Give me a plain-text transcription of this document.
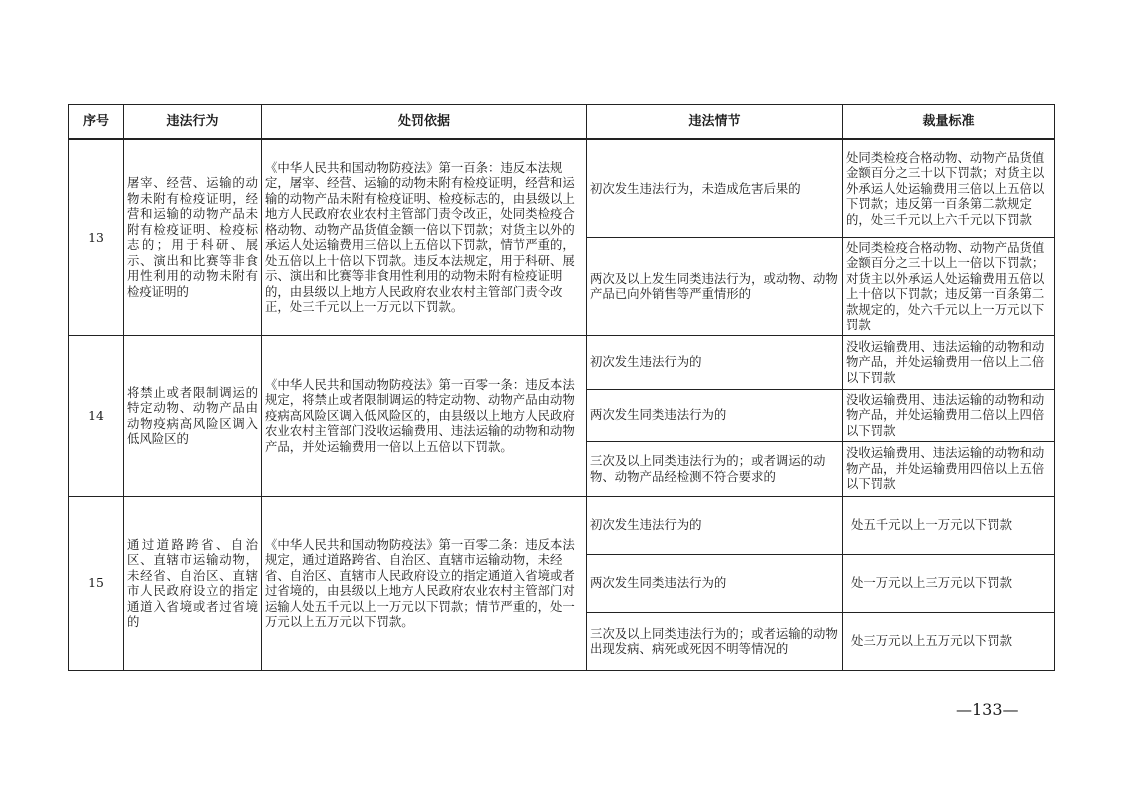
序号	违法行为	处罚依据	违法情节	裁量标准
13	屠宰、经营、运输的动物未附有检疫证明，经营和运输的动物产品未附有检疫证明、检疫标志的；用于科研、展示、演出和比赛等非食用性利用的动物未附有检疫证明的	《中华人民共和国动物防疫法》第一百条：违反本法规定，屠宰、经营、运输的动物未附有检疫证明，经营和运输的动物产品未附有检疫证明、检疫标志的，由县级以上地方人民政府农业农村主管部门责令改正，处同类检疫合格动物、动物产品货值金额一倍以下罚款；对货主以外的承运人处运输费用三倍以上五倍以下罚款，情节严重的，处五倍以上十倍以下罚款。违反本法规定，用于科研、展示、演出和比赛等非食用性利用的动物未附有检疫证明的，由县级以上地方人民政府农业农村主管部门责令改正，处三千元以上一万元以下罚款。	初次发生违法行为，未造成危害后果的	处同类检疫合格动物、动物产品货值金额百分之三十以下罚款；对货主以外承运人处运输费用三倍以上五倍以下罚款；违反第一百条第二款规定的，处三千元以上六千元以下罚款
			两次及以上发生同类违法行为，或动物、动物产品已向外销售等严重情形的	处同类检疫合格动物、动物产品货值金额百分之三十以上一倍以下罚款；对货主以外承运人处运输费用五倍以上十倍以下罚款；违反第一百条第二款规定的，处六千元以上一万元以下罚款
14	将禁止或者限制调运的特定动物、动物产品由动物疫病高风险区调入低风险区的	《中华人民共和国动物防疫法》第一百零一条：违反本法规定，将禁止或者限制调运的特定动物、动物产品由动物疫病高风险区调入低风险区的，由县级以上地方人民政府农业农村主管部门没收运输费用、违法运输的动物和动物产品，并处运输费用一倍以上五倍以下罚款。	初次发生违法行为的	没收运输费用、违法运输的动物和动物产品，并处运输费用一倍以上二倍以下罚款
			两次发生同类违法行为的	没收运输费用、违法运输的动物和动物产品，并处运输费用二倍以上四倍以下罚款
			三次及以上同类违法行为的；或者调运的动物、动物产品经检测不符合要求的	没收运输费用、违法运输的动物和动物产品，并处运输费用四倍以上五倍以下罚款
15	通过道路跨省、自治区、直辖市运输动物，未经省、自治区、直辖市人民政府设立的指定通道入省境或者过省境的	《中华人民共和国动物防疫法》第一百零二条：违反本法规定，通过道路跨省、自治区、直辖市运输动物，未经省、自治区、直辖市人民政府设立的指定通道入省境或者过省境的，由县级以上地方人民政府农业农村主管部门对运输人处五千元以上一万元以下罚款；情节严重的，处一万元以上五万元以下罚款。	初次发生违法行为的	处五千元以上一万元以下罚款
			两次发生同类违法行为的	处一万元以上三万元以下罚款
			三次及以上同类违法行为的；或者运输的动物出现发病、病死或死因不明等情况的	处三万元以上五万元以下罚款
—133—
